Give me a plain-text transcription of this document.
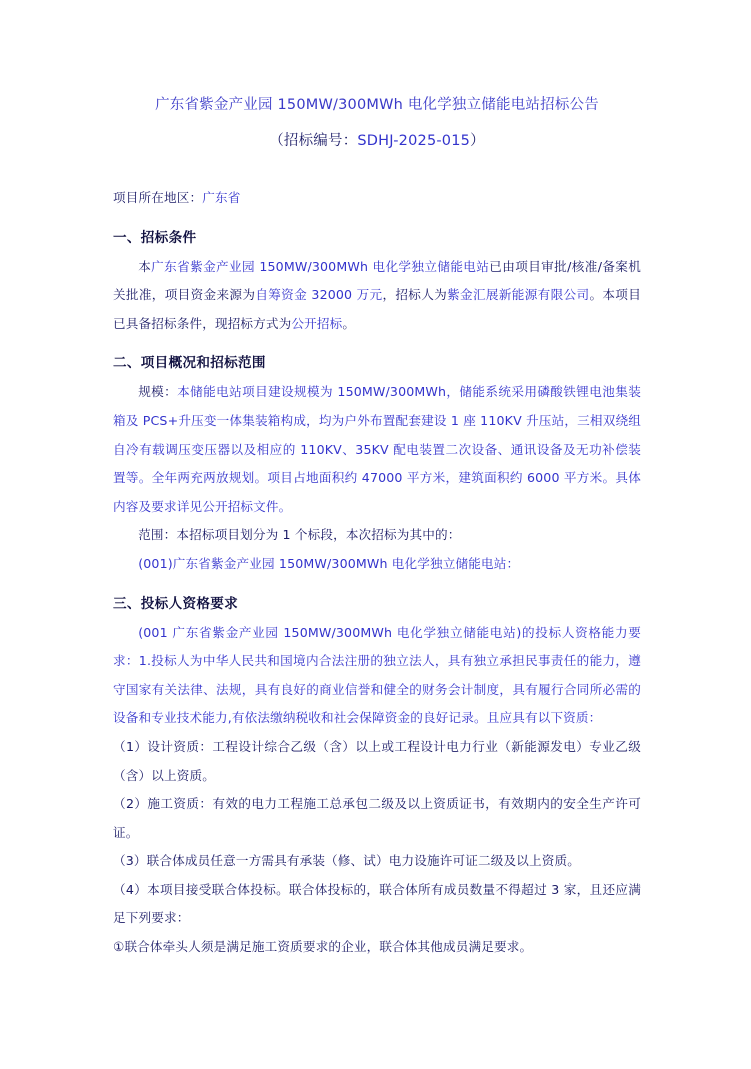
广东省紫金产业园 150MW/300MWh 电化学独立储能电站招标公告
（招标编号：SDHJ-2025-015）

项目所在地区：广东省

一、招标条件

本广东省紫金产业园 150MW/300MWh 电化学独立储能电站已由项目审批/核准/备案机关批准，项目资金来源为自筹资金 32000 万元，招标人为紫金汇展新能源有限公司。本项目已具备招标条件，现招标方式为公开招标。

二、项目概况和招标范围

规模：本储能电站项目建设规模为 150MW/300MWh，储能系统采用磷酸铁锂电池集装箱及 PCS+升压变一体集装箱构成，均为户外布置配套建设 1 座 110KV 升压站，三相双绕组自冷有载调压变压器以及相应的 110KV、35KV 配电装置二次设备、通讯设备及无功补偿装置等。全年两充两放规划。项目占地面积约 47000 平方米，建筑面积约 6000 平方米。具体内容及要求详见公开招标文件。

范围：本招标项目划分为 1 个标段，本次招标为其中的：

(001)广东省紫金产业园 150MW/300MWh 电化学独立储能电站：

三、投标人资格要求

(001 广东省紫金产业园 150MW/300MWh 电化学独立储能电站)的投标人资格能力要求：1.投标人为中华人民共和国境内合法注册的独立法人，具有独立承担民事责任的能力，遵守国家有关法律、法规，具有良好的商业信誉和健全的财务会计制度，具有履行合同所必需的设备和专业技术能力,有依法缴纳税收和社会保障资金的良好记录。且应具有以下资质：

（1）设计资质：工程设计综合乙级（含）以上或工程设计电力行业（新能源发电）专业乙级（含）以上资质。

（2）施工资质：有效的电力工程施工总承包二级及以上资质证书，有效期内的安全生产许可证。

（3）联合体成员任意一方需具有承装（修、试）电力设施许可证二级及以上资质。

（4）本项目接受联合体投标。联合体投标的，联合体所有成员数量不得超过 3 家，且还应满足下列要求：

①联合体牵头人须是满足施工资质要求的企业，联合体其他成员满足要求。
